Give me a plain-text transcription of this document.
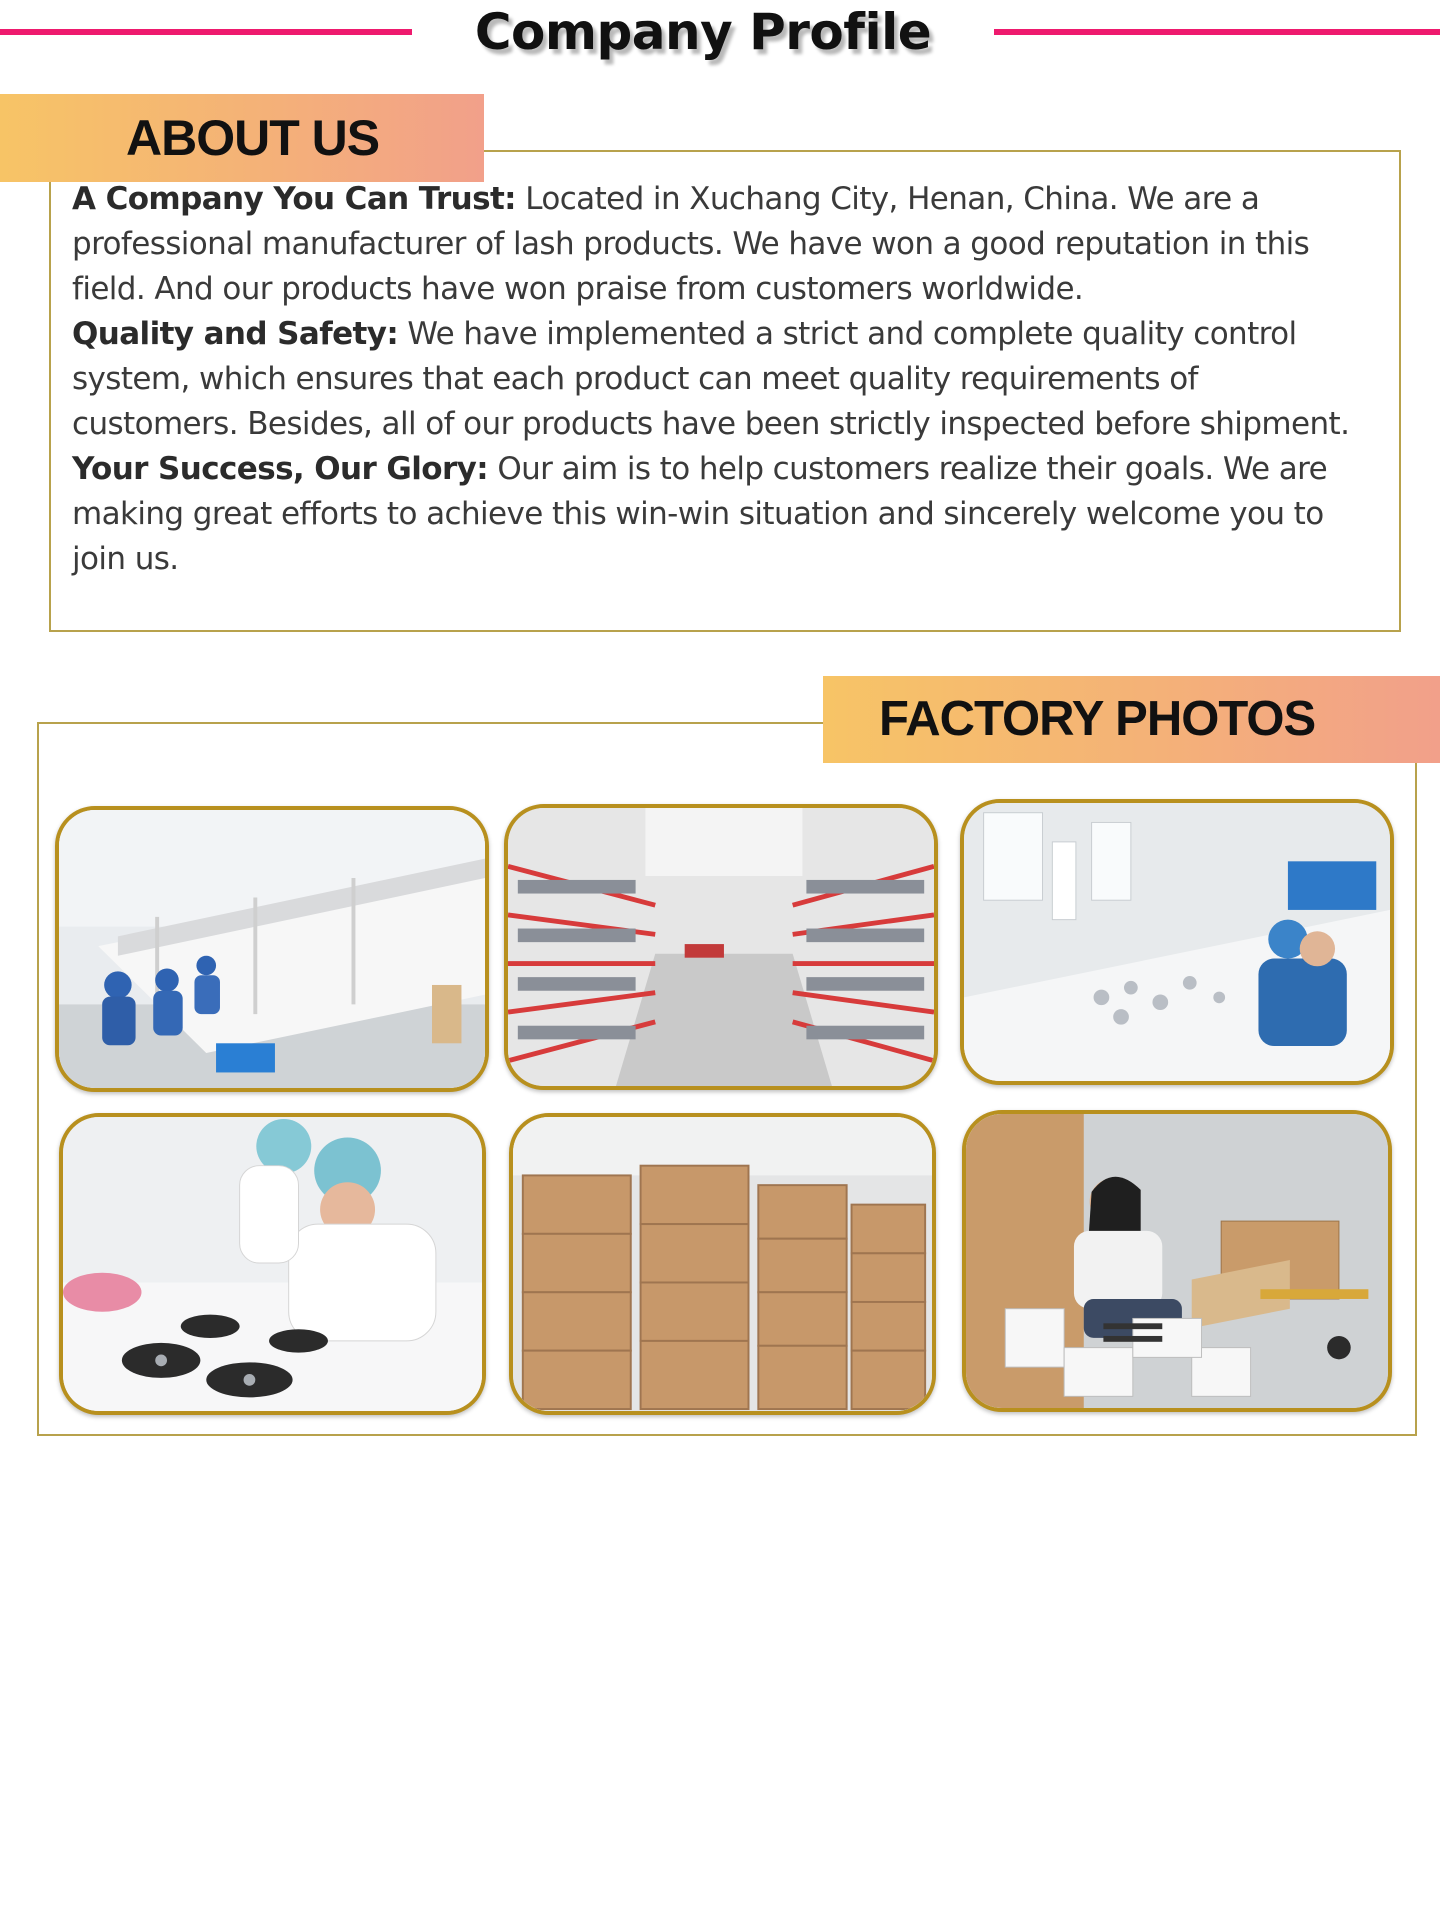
Company Profile
ABOUT US

A Company You Can Trust: Located in Xuchang City, Henan, China. We are a professional manufacturer of lash products. We have won a good reputation in this field. And our products have won praise from customers worldwide.

Quality and Safety: We have implemented a strict and complete quality control system, which ensures that each product can meet quality requirements of customers. Besides, all of our products have been strictly inspected before shipment.

Your Success, Our Glory: Our aim is to help customers realize their goals. We are making great efforts to achieve this win-win situation and sincerely welcome you to join us.

FACTORY PHOTOS
